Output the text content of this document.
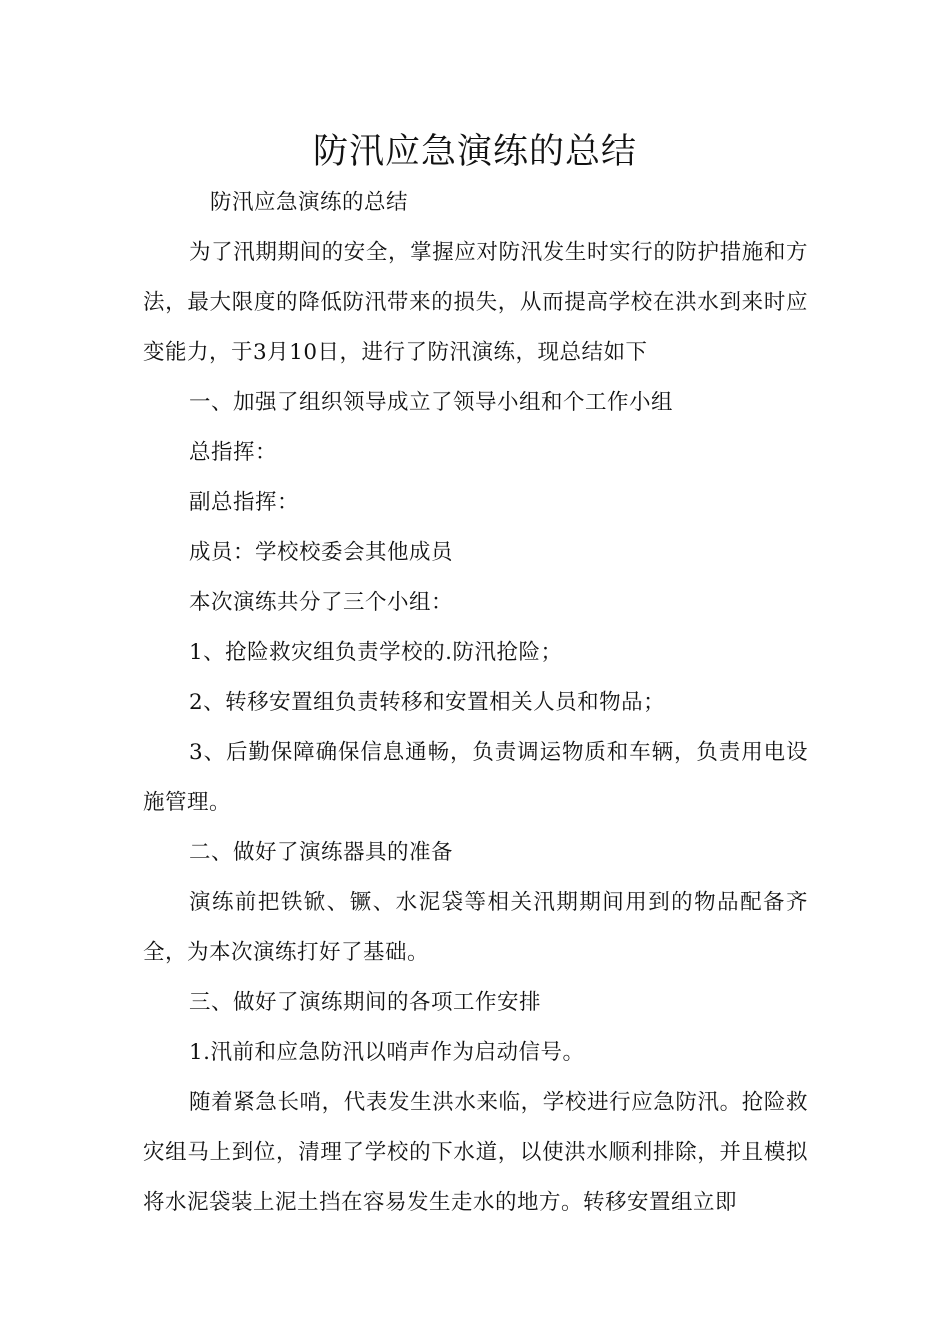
防汛应急演练的总结

防汛应急演练的总结

为了汛期期间的安全，掌握应对防汛发生时实行的防护措施和方法，最大限度的降低防汛带来的损失，从而提高学校在洪水到来时应变能力，于3月10日，进行了防汛演练，现总结如下

一、加强了组织领导成立了领导小组和个工作小组

总指挥：

副总指挥：

成员：学校校委会其他成员

本次演练共分了三个小组：

1、抢险救灾组负责学校的.防汛抢险；

2、转移安置组负责转移和安置相关人员和物品；

3、后勤保障确保信息通畅，负责调运物质和车辆，负责用电设施管理。

二、做好了演练器具的准备

演练前把铁锨、镢、水泥袋等相关汛期期间用到的物品配备齐全，为本次演练打好了基础。

三、做好了演练期间的各项工作安排

1.汛前和应急防汛以哨声作为启动信号。

随着紧急长哨，代表发生洪水来临，学校进行应急防汛。抢险救灾组马上到位，清理了学校的下水道，以使洪水顺利排除，并且模拟将水泥袋装上泥土挡在容易发生走水的地方。转移安置组立即
